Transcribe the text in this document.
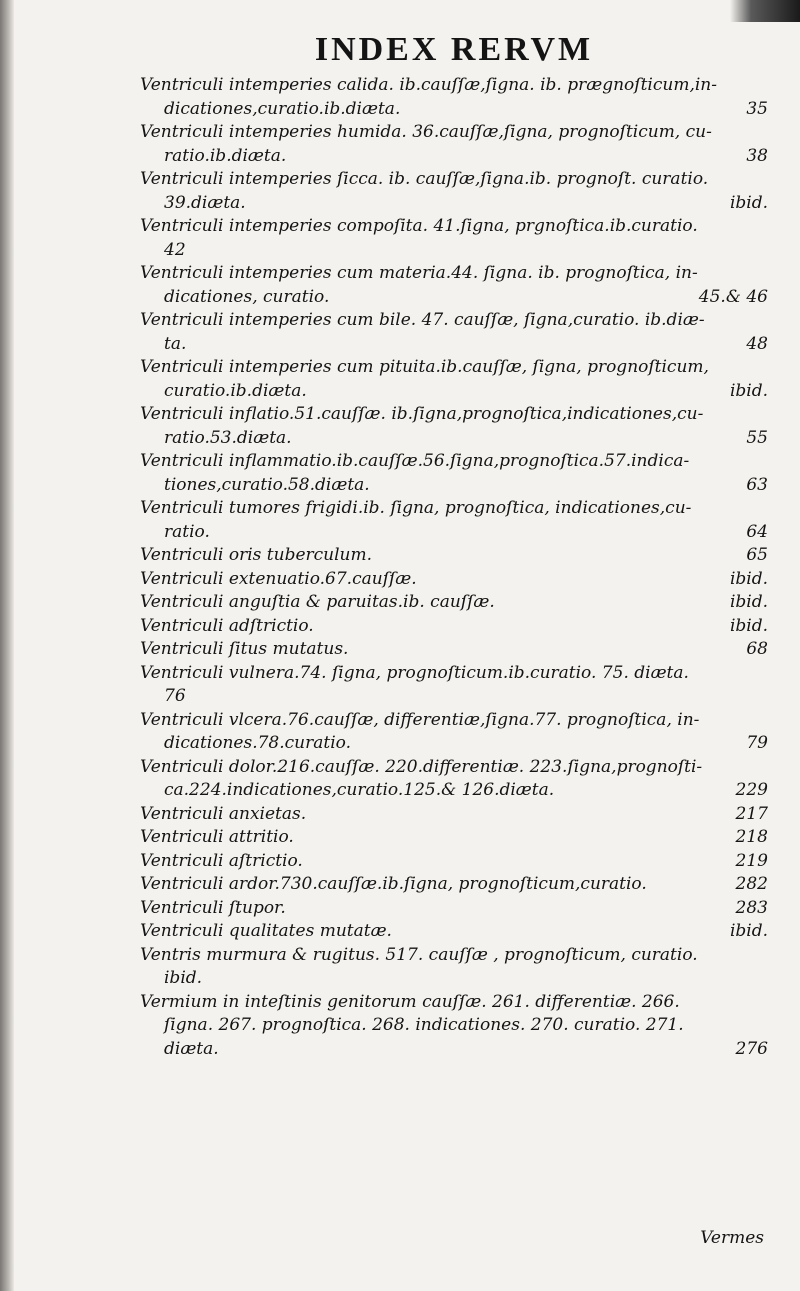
INDEX RERVM
Ventriculi intemperies calida. ib.cauſſæ,ſigna. ib. prægnoſticum,in-
dicationes,curatio.ib.diæta.	35
Ventriculi intemperies humida. 36.cauſſæ,ſigna, prognoſticum, cu-
ratio.ib.diæta.	38
Ventriculi intemperies ſicca. ib. cauſſæ,ſigna.ib. prognoſt. curatio.
39.diæta.	ibid.
Ventriculi intemperies compoſita. 41.ſigna, prgnoſtica.ib.curatio.
42
Ventriculi intemperies cum materia.44. ſigna. ib. prognoſtica, in-
dicationes, curatio.	45.& 46
Ventriculi intemperies cum bile. 47. cauſſæ, ſigna,curatio. ib.diæ-
ta.	48
Ventriculi intemperies cum pituita.ib.cauſſæ, ſigna, prognoſticum,
curatio.ib.diæta.	ibid.
Ventriculi inflatio.51.cauſſæ. ib.ſigna,prognoſtica,indicationes,cu-
ratio.53.diæta.	55
Ventriculi inflammatio.ib.cauſſæ.56.ſigna,prognoſtica.57.indica-
tiones,curatio.58.diæta.	63
Ventriculi tumores frigidi.ib. ſigna, prognoſtica, indicationes,cu-
ratio.	64
Ventriculi oris tuberculum.	65
Ventriculi extenuatio.67.cauſſæ.	ibid.
Ventriculi anguſtia & paruitas.ib. cauſſæ.	ibid.
Ventriculi adſtrictio.	ibid.
Ventriculi ſitus mutatus.	68
Ventriculi vulnera.74. ſigna, prognoſticum.ib.curatio. 75. diæta.
76
Ventriculi vlcera.76.cauſſæ, differentiæ,ſigna.77. prognoſtica, in-
dicationes.78.curatio.	79
Ventriculi dolor.216.cauſſæ. 220.differentiæ. 223.ſigna,prognoſti-
ca.224.indicationes,curatio.125.& 126.diæta.	229
Ventriculi anxietas.	217
Ventriculi attritio.	218
Ventriculi aſtrictio.	219
Ventriculi ardor.730.cauſſæ.ib.ſigna, prognoſticum,curatio.	282
Ventriculi ſtupor.	283
Ventriculi qualitates mutatæ.	ibid.
Ventris murmura & rugitus. 517. cauſſæ , prognoſticum, curatio.
ibid.
Vermium in inteſtinis genitorum cauſſæ. 261. differentiæ. 266.
ſigna. 267. prognoſtica. 268. indicationes. 270. curatio. 271.
diæta.	276
Vermes
